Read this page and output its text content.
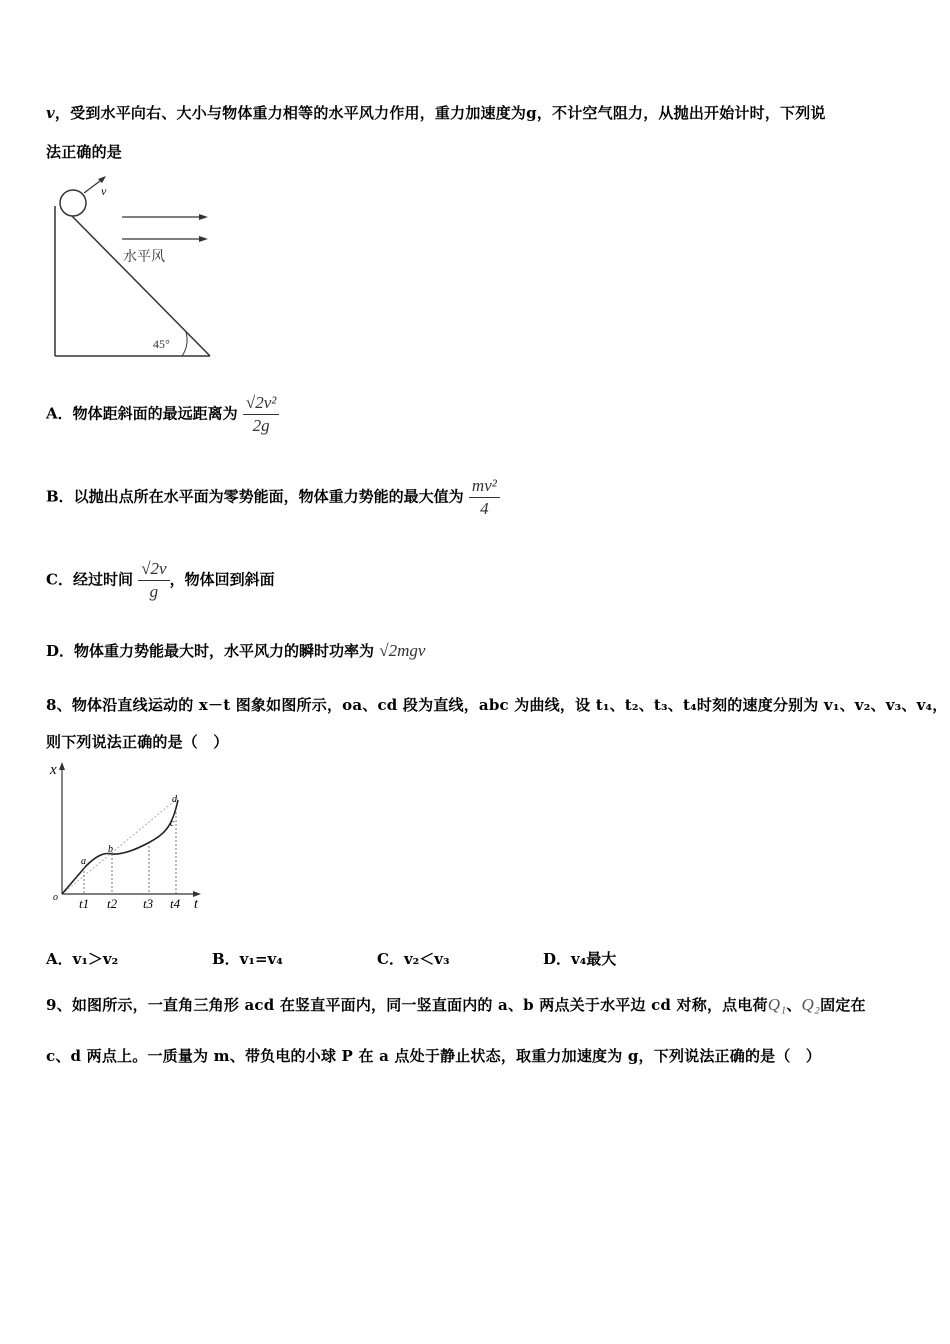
v，受到水平向右、大小与物体重力相等的水平风力作用，重力加速度为g，不计空气阻力，从抛出开始计时，下列说
法正确的是
v
水平风
45°
A．物体距斜面的最远距离为 $\frac{\text{√2v²}}{2g}$
B．以抛出点所在水平面为零势能面，物体重力势能的最大值为 $\frac{\text{mv²}}{4}$
C．经过时间 $\frac{√2v}{g}$ ，物体回到斜面
D．物体重力势能最大时，水平风力的瞬时功率为 √2mgv
8、物体沿直线运动的 x－t 图象如图所示，oa、cd 段为直线，abc 为曲线，设 t₁、t₂、t₃、t₄时刻的速度分别为 v₁、v₂、v₃、v₄，
则下列说法正确的是（　）
x
t
o
a
b
c
d
t1 t2 t3 t4
A．v₁＞v₂	B．v₁=v₄	C．v₂＜v₃	D．v₄最大
9、如图所示，一直角三角形 acd 在竖直平面内，同一竖直面内的 a、b 两点关于水平边 cd 对称，点电荷Q₁、Q₂固定在
c、d 两点上。一质量为 m、带负电的小球 P 在 a 点处于静止状态，取重力加速度为 g，下列说法正确的是（　）
